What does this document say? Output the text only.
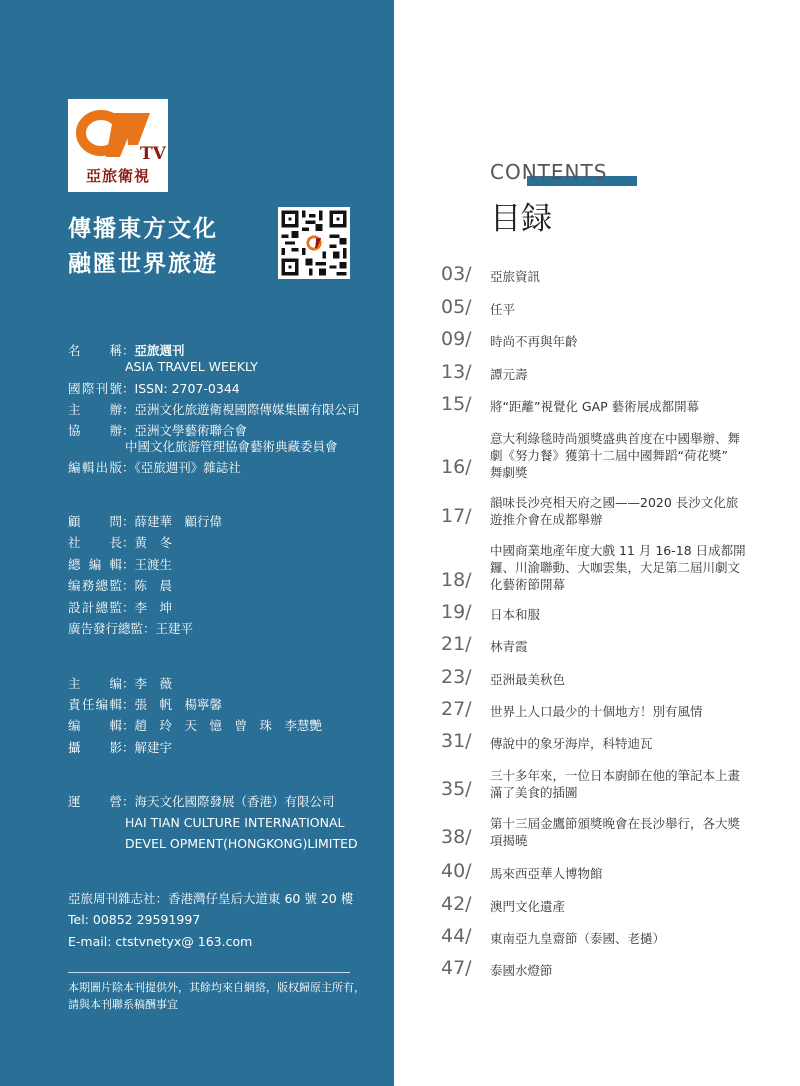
TV
亞旅衛視
傳播東方文化
融匯世界旅遊
名　　稱：亞旅週刊
ASIA TRAVEL WEEKLY
國際刊號：ISSN: 2707-0344
主　　辦：亞洲文化旅遊衛視國際傳媒集團有限公司
協　　辦：亞洲文學藝術聯合會
中國文化旅游管理協會藝術典藏委員會
編輯出版：《亞旅週刊》雜誌社
顧　　問：薛建華　顧行偉
社　　長：黄　冬
總 編 輯：王渡生
编務總監：陈　晨
設計總監：李　坤
廣告發行總監：王建平
主　　编：李　薇
責任编輯：張　帆　楊寧馨
编　　輯：趙　玲　天　憶　曾　珠　李慧艷
攝　　影：解建宇
運　　營：海天文化國際發展（香港）有限公司
HAI TIAN CULTURE INTERNATIONAL
DEVEL OPMENT(HONGKONG)LIMITED
亞旅周刊雜志社：香港灣仔皇后大道東 60 號 20 樓
Tel: 00852 29591997
E-mail: ctstvnetyx@ 163.com
本期圖片除本刊提供外，其餘均來自網絡，版权歸原主所有，
請與本刊聯系稿酬事宜
CONTENTS
目録
03/	亞旅資訊
05/	任平
09/	時尚不再與年齡
13/	譚元壽
15/	將“距離”視覺化 GAP 藝術展成都開幕
16/
意大利綠毯時尚頒獎盛典首度在中國舉辦、舞
劇《努力餐》獲第十二屆中國舞蹈“荷花獎”
舞劇獎
17/
韻味長沙亮相天府之國——2020 長沙文化旅
遊推介會在成都舉辦
18/
中國商業地產年度大戲 11 月 16-18 日成都開
鑼、川渝聯動、大咖雲集，大足第二屆川劇文
化藝術節開幕
19/	日本和服
21/	林青霞
23/	亞洲最美秋色
27/	世界上人口最少的十個地方！別有風情
31/	傳說中的象牙海岸，科特迪瓦
35/
三十多年來，一位日本廚師在他的筆記本上畫
滿了美食的插圖
38/
第十三屆金鷹節頒獎晚會在長沙舉行，各大獎
項揭曉
40/	馬來西亞華人博物館
42/	澳門文化遺產
44/	東南亞九皇齋節（泰國、老撾）
47/	泰國水燈節
